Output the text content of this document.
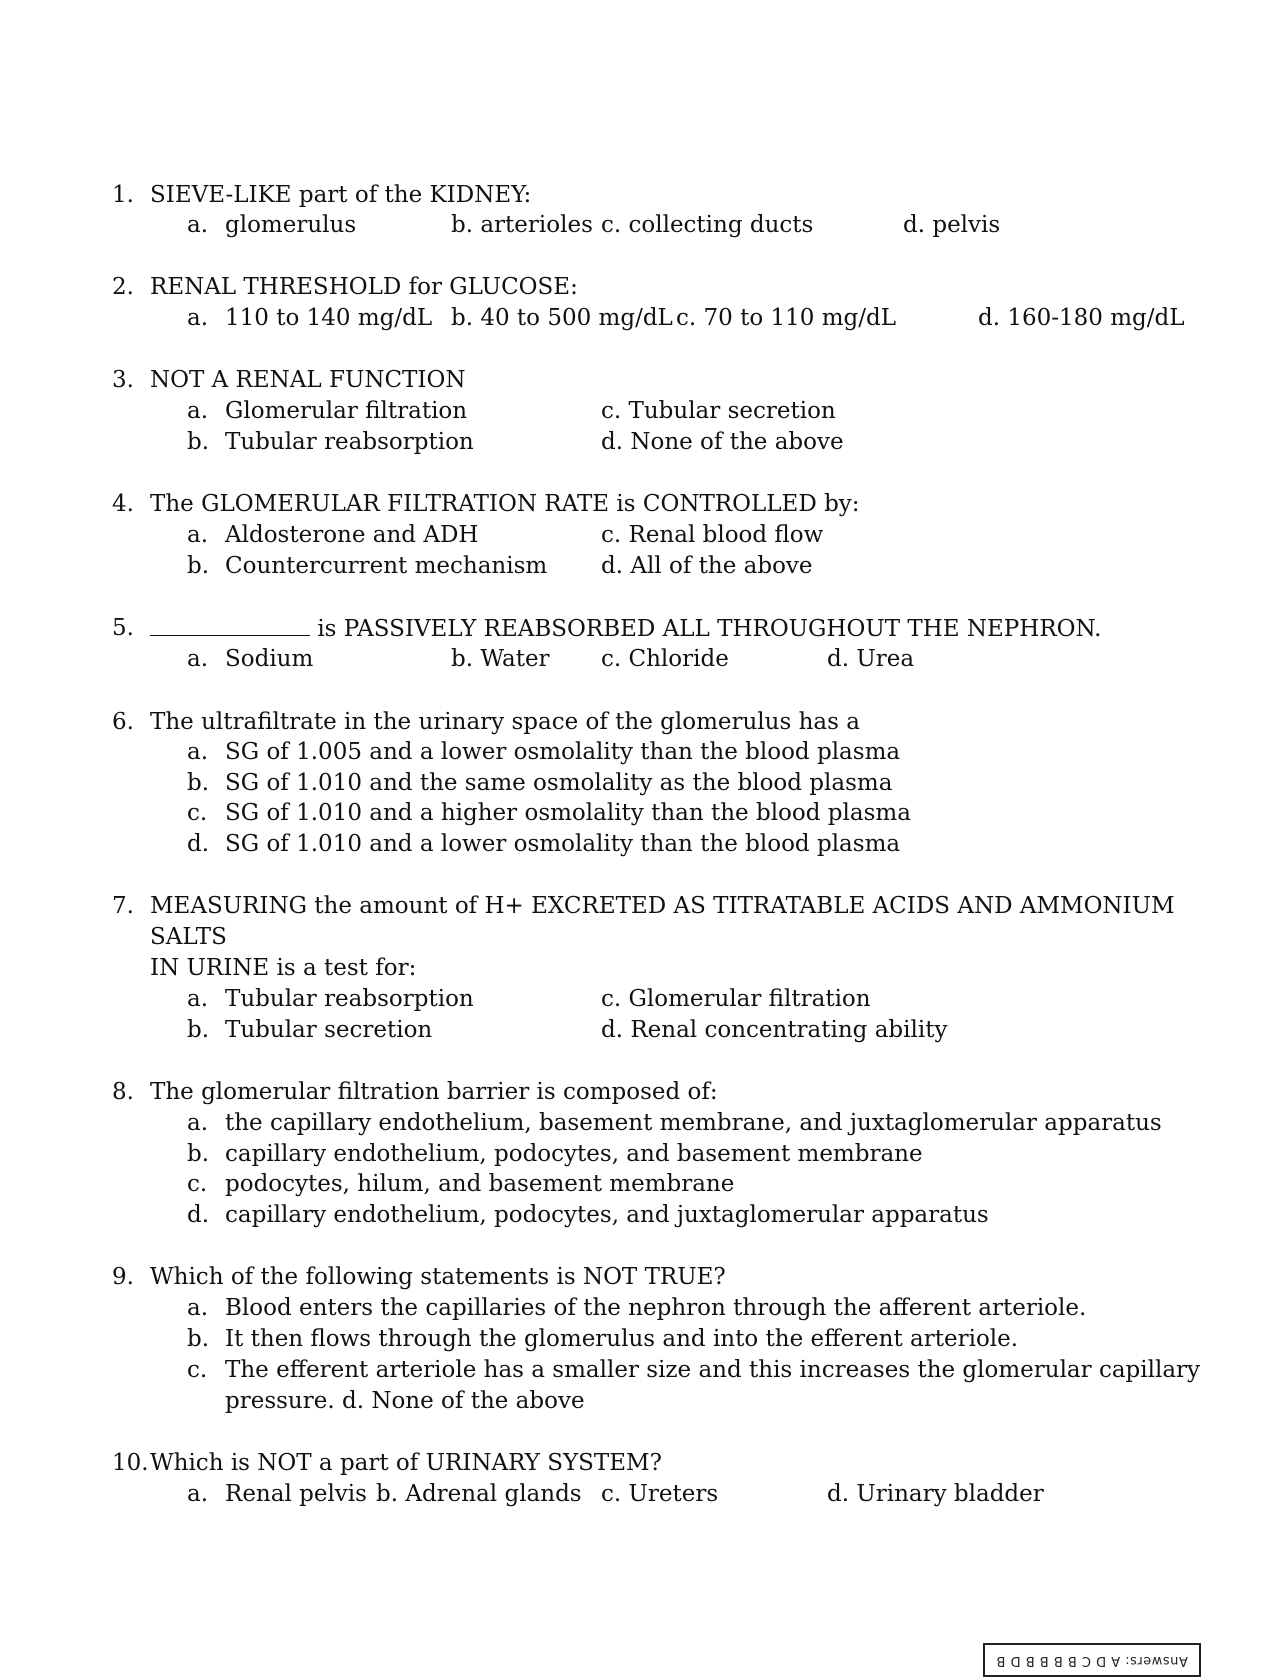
1. SIEVE-LIKE part of the KIDNEY:
a. glomerulus	b. arterioles c. collecting ducts	d. pelvis
2. RENAL THRESHOLD for GLUCOSE:
a. 110 to 140 mg/dL b. 40 to 500 mg/dL c. 70 to 110 mg/dL	d. 160-180 mg/dL
3. NOT A RENAL FUNCTION
a. Glomerular filtration	c. Tubular secretion
b. Tubular reabsorption	d. None of the above
4. The GLOMERULAR FILTRATION RATE is CONTROLLED by:
a. Aldosterone and ADH	c. Renal blood flow
b. Countercurrent mechanism d. All of the above
5.	is PASSIVELY REABSORBED ALL THROUGHOUT THE NEPHRON.
a. Sodium	b. Water c. Chloride	d. Urea
6. The ultrafiltrate in the urinary space of the glomerulus has a
a. SG of 1.005 and a lower osmolality than the blood plasma
b. SG of 1.010 and the same osmolality as the blood plasma
c. SG of 1.010 and a higher osmolality than the blood plasma
d. SG of 1.010 and a lower osmolality than the blood plasma
7. MEASURING the amount of H+ EXCRETED AS TITRATABLE ACIDS AND AMMONIUM
SALTS
IN URINE is a test for:
a. Tubular reabsorption	c. Glomerular filtration
b. Tubular secretion	d. Renal concentrating ability
8. The glomerular filtration barrier is composed of:
a. the capillary endothelium, basement membrane, and juxtaglomerular apparatus
b. capillary endothelium, podocytes, and basement membrane
c. podocytes, hilum, and basement membrane
d. capillary endothelium, podocytes, and juxtaglomerular apparatus
9. Which of the following statements is NOT TRUE?
a. Blood enters the capillaries of the nephron through the afferent arteriole.
b. It then flows through the glomerulus and into the efferent arteriole.
c. The efferent arteriole has a smaller size and this increases the glomerular capillary
pressure. d. None of the above
10. Which is NOT a part of URINARY SYSTEM?
a. Renal pelvis b. Adrenal glands c. Ureters	d. Urinary bladder
Answers: A D C B B B B D B
